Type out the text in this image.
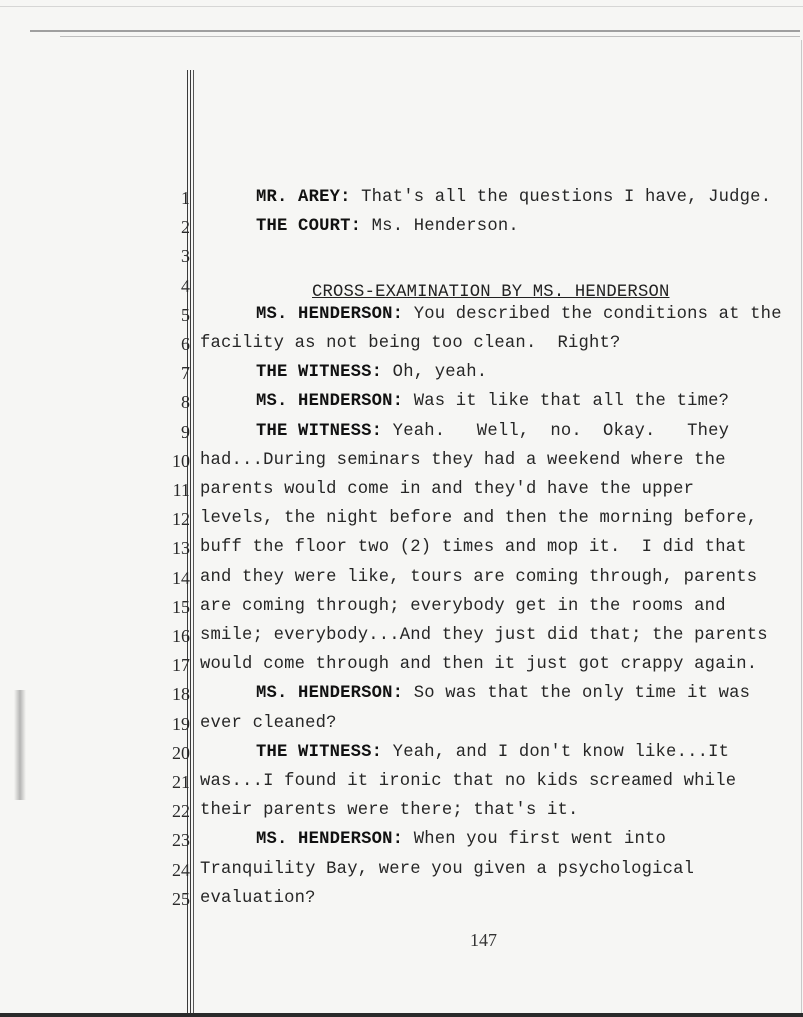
1	MR. AREY: That's all the questions I have, Judge.
2	THE COURT: Ms. Henderson.
3
4
5	MS. HENDERSON: You described the conditions at the
6 facility as not being too clean.  Right?
7	THE WITNESS: Oh, yeah.
8	MS. HENDERSON: Was it like that all the time?
9	THE WITNESS: Yeah.   Well,  no.  Okay.   They
10 had...During seminars they had a weekend where the
11 parents would come in and they'd have the upper
12 levels, the night before and then the morning before,
13 buff the floor two (2) times and mop it.  I did that
14 and they were like, tours are coming through, parents
15 are coming through; everybody get in the rooms and
16 smile; everybody...And they just did that; the parents
17 would come through and then it just got crappy again.
18	MS. HENDERSON: So was that the only time it was
19 ever cleaned?
20	THE WITNESS: Yeah, and I don't know like...It
21 was...I found it ironic that no kids screamed while
22 their parents were there; that's it.
23	MS. HENDERSON: When you first went into
24 Tranquility Bay, were you given a psychological
25 evaluation?
CROSS-EXAMINATION BY MS. HENDERSON
147
